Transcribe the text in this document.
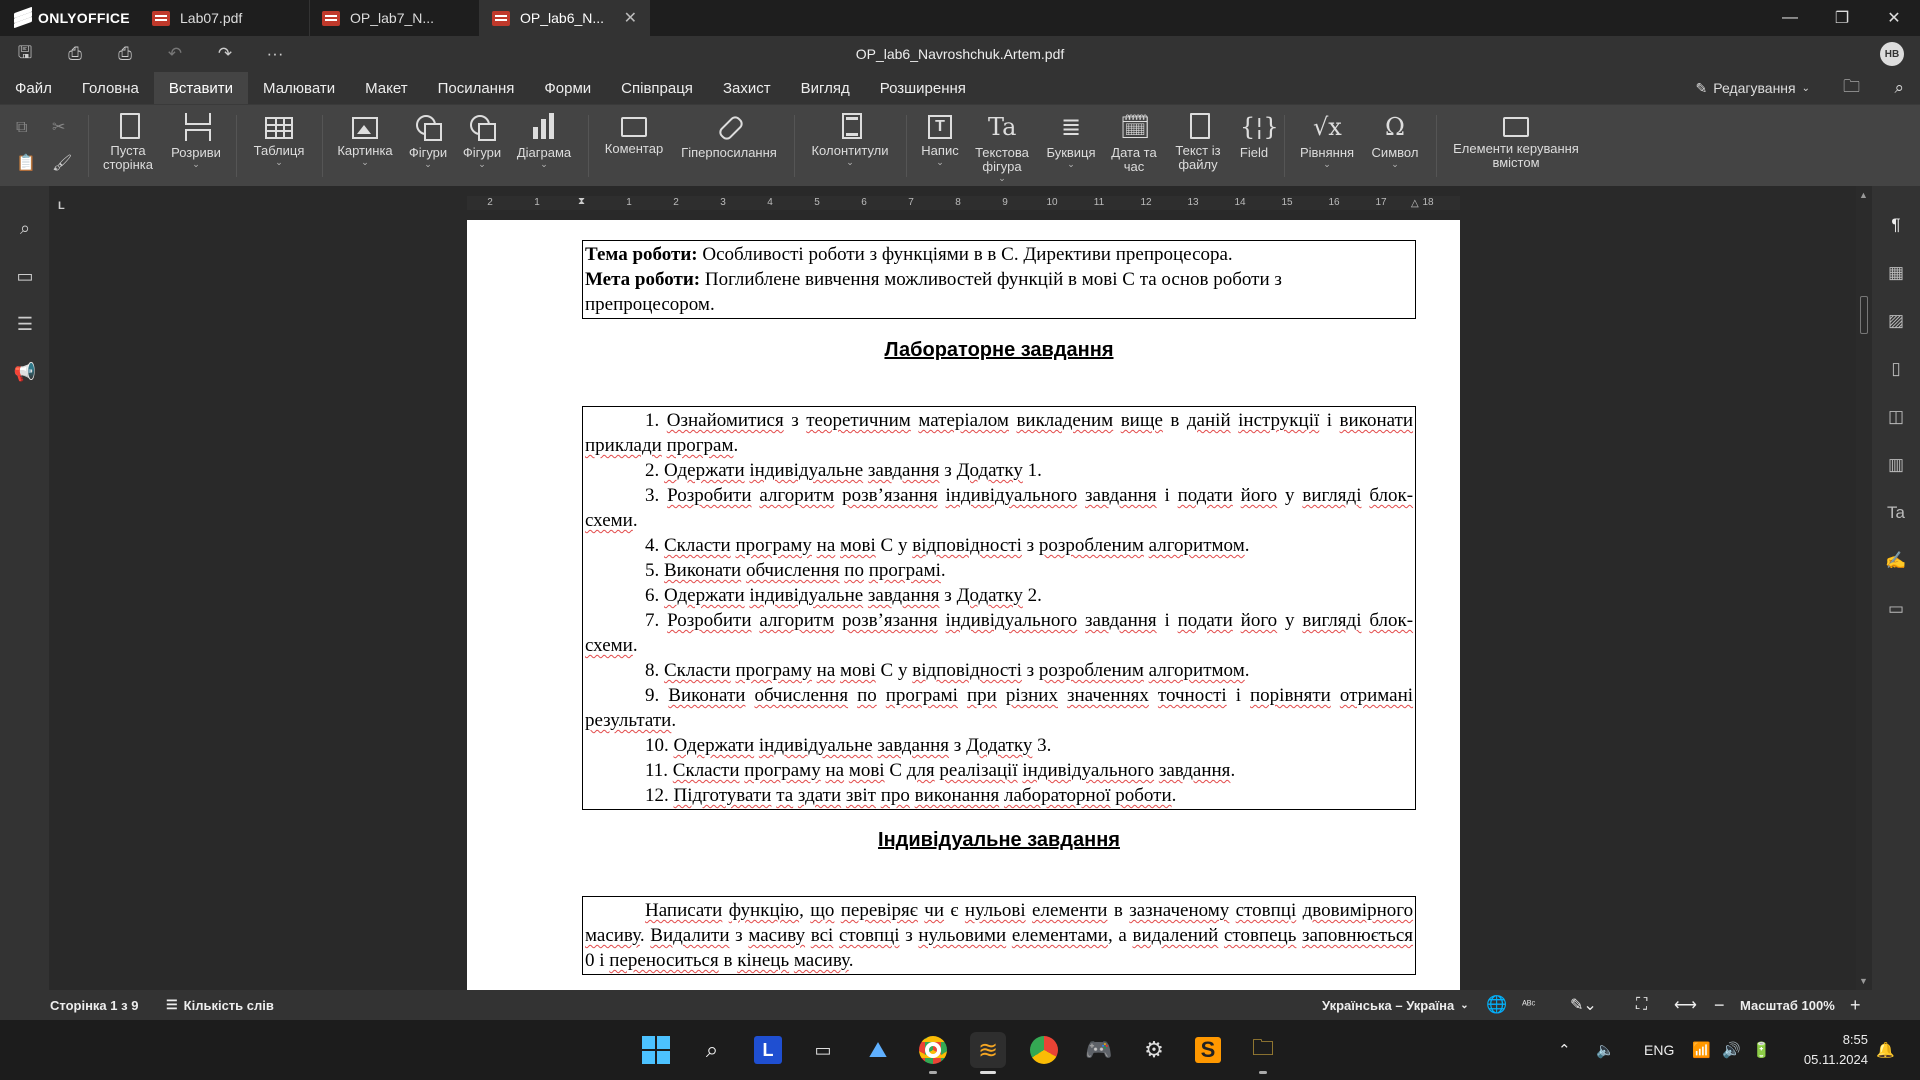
ONLYOFFICE	Lab07.pdf	OP_lab7_N...	OP_lab6_N... ✕	—	❐	✕
🖫	⎙	⎙	↶	↷	···	OP_lab6_Navroshchuk.Artem.pdf	НВ
Файл	Головна	Вставити	Малювати	Макет	Посилання	Форми	Співпраця	Захист	Вигляд	Розширення	✎ Редагування ⌄ 🗀 ⌕
⧉ ✂
📋 🖌
Пуста сторінка
Розриви
⌄
Таблиця
⌄
Картинка
⌄
Фігури
⌄
Фігури
⌄
Діаграма
⌄
Коментар Гіперпосилання	Колонтитули
⌄
T
Напис
⌄
Ta
Текстова фігура
⌄
≣
Буквиця
⌄
🗓
Дата та час
Текст із файлу
{¦}
Field
√x
Рівняння
⌄
Ω
Символ
⌄
Елементи керування вмістом
⌕
▭
☰
📢
L	2	1	1	2	3	4	5	6	7	8	9	10	11	12	13	14	15	16	17	18
⧗	△
Тема роботи: Особливості роботи з функціями в в С. Директиви препроцесора.
Мета роботи: Поглиблене вивчення можливостей функцій в мові С та основ роботи з препроцесором.
Лабораторне завдання
1. Ознайомитися з теоретичним матеріалом викладеним вище в даній інструкції і виконати приклади програм.
2. Одержати індивідуальне завдання з Додатку 1.
3. Розробити алгоритм розв’язання індивідуального завдання і подати його у вигляді блок-схеми.
4. Скласти програму на мові С у відповідності з розробленим алгоритмом.
5. Виконати обчислення по програмі.
6. Одержати індивідуальне завдання з Додатку 2.
7. Розробити алгоритм розв’язання індивідуального завдання і подати його у вигляді блок-схеми.
8. Скласти програму на мові С у відповідності з розробленим алгоритмом.
9. Виконати обчислення по програмі при різних значеннях точності і порівняти отримані результати.
10. Одержати індивідуальне завдання з Додатку 3.
11. Скласти програму на мові С для реалізації індивідуального завдання.
12. Підготувати та здати звіт про виконання лабораторної роботи.
Індивідуальне завдання
Написати функцію, що перевіряє чи є нульові елементи в зазначеному стовпці двовимірного масиву. Видалити з масиву всі стовпці з нульовими елементами, а видалений стовпець заповнюється 0 і переноситься в кінець масиву.
▲
▼
¶
▦
▨
▯
◫
▥
Ta
✍
▭
Сторінка 1 з 9 ☰ Кількість слів	Українська – Україна ⌄ 🌐 ᴬᴮᶜ ✎⌄ ⛶ ⟷ − Масштаб 100% +
⌕	L	▭	⛰	≋	🎮	⚙	S	🗀	⌃ 🔈 ENG 📶 🔊 🔋
8:55
05.11.2024
🔔
